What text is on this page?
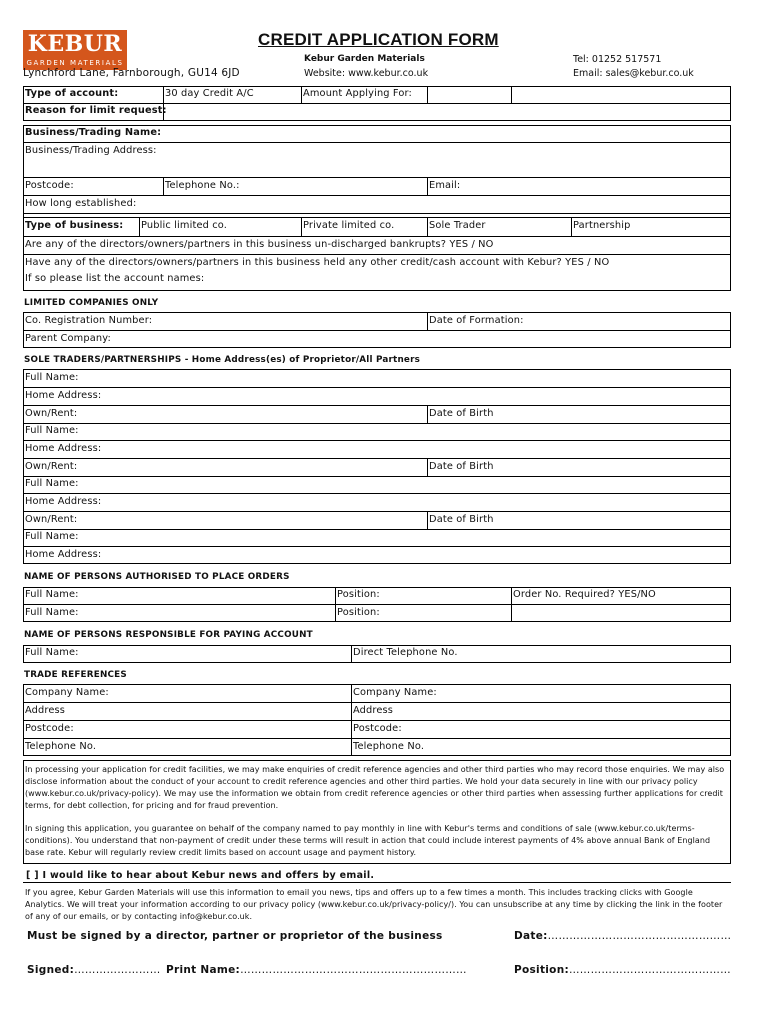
KEBUR
GARDEN MATERIALS
Lynchford Lane, Farnborough, GU14 6JD
CREDIT APPLICATION FORM
Kebur Garden Materials
Website: www.kebur.co.uk
Tel: 01252 517571
Email: sales@kebur.co.uk
Type of account:	30 day Credit A/C	Amount Applying For:
Reason for limit request:
Business/Trading Name:
Business/Trading Address:
Postcode:	Telephone No.:	Email:
How long established:
Type of business: Public limited co.	Private limited co.	Sole Trader	Partnership
Are any of the directors/owners/partners in this business un-discharged bankrupts? YES / NO
Have any of the directors/owners/partners in this business held any other credit/cash account with Kebur? YES / NO
If so please list the account names:
LIMITED COMPANIES ONLY
Co. Registration Number:	Date of Formation:
Parent Company:
SOLE TRADERS/PARTNERSHIPS - Home Address(es) of Proprietor/All Partners
Full Name:
Home Address:
Own/Rent:	Date of Birth
Full Name:
Home Address:
Own/Rent:	Date of Birth
Full Name:
Home Address:
Own/Rent:	Date of Birth
Full Name:
Home Address:
NAME OF PERSONS AUTHORISED TO PLACE ORDERS
Full Name:	Position:	Order No. Required? YES/NO
Full Name:	Position:
NAME OF PERSONS RESPONSIBLE FOR PAYING ACCOUNT
Full Name:	Direct Telephone No.
TRADE REFERENCES
Company Name:	Company Name:
Address	Address
Postcode:	Postcode:
Telephone No.	Telephone No.
In processing your application for credit facilities, we may make enquiries of credit reference agencies and other third parties who may record those enquiries. We may also disclose information about the conduct of your account to credit reference agencies and other third parties. We hold your data securely in line with our privacy policy (www.kebur.co.uk/privacy-policy). We may use the information we obtain from credit reference agencies or other third parties when assessing further applications for credit terms, for debt collection, for pricing and for fraud prevention.
In signing this application, you guarantee on behalf of the company named to pay monthly in line with Kebur's terms and conditions of sale (www.kebur.co.uk/terms-conditions). You understand that non-payment of credit under these terms will result in action that could include interest payments of 4% above annual Bank of England base rate. Kebur will regularly review credit limits based on account usage and payment history.
[ ] I would like to hear about Kebur news and offers by email.
If you agree, Kebur Garden Materials will use this information to email you news, tips and offers up to a few times a month. This includes tracking clicks with Google Analytics. We will treat your information according to our privacy policy (www.kebur.co.uk/privacy-policy/). You can unsubscribe at any time by clicking the link in the footer of any of our emails, or by contacting info@kebur.co.uk.
Must be signed by a director, partner or proprietor of the business	Date:……………………………………………
Signed:…………………… Print Name:………………………………………………………	Position:………………………………………
